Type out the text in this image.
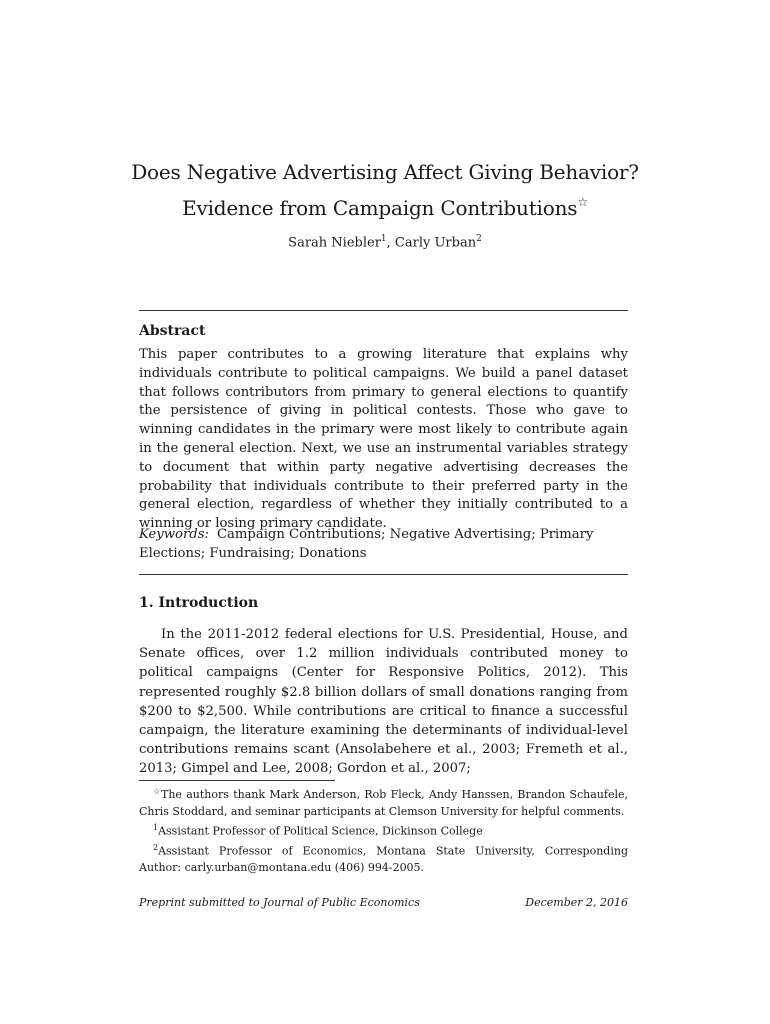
Does Negative Advertising Affect Giving Behavior?
Evidence from Campaign Contributions☆
Sarah Niebler$^1$, Carly Urban$^2$
Abstract
This paper contributes to a growing literature that explains why individuals contribute to political campaigns. We build a panel dataset that follows contributors from primary to general elections to quantify the persistence of giving in political contests. Those who gave to winning candidates in the primary were most likely to contribute again in the general election. Next, we use an instrumental variables strategy to document that within party negative advertising decreases the probability that individuals contribute to their preferred party in the general election, regardless of whether they initially contributed to a winning or losing primary candidate.
Keywords: Campaign Contributions; Negative Advertising; Primary Elections; Fundraising; Donations
1. Introduction
In the 2011-2012 federal elections for U.S. Presidential, House, and Senate offices, over 1.2 million individuals contributed money to political campaigns (Center for Responsive Politics, 2012). This represented roughly $2.8 billion dollars of small donations ranging from $200 to $2,500. While contributions are critical to finance a successful campaign, the literature examining the determinants of individual-level contributions remains scant (Ansolabehere et al., 2003; Fremeth et al., 2013; Gimpel and Lee, 2008; Gordon et al., 2007;

☆The authors thank Mark Anderson, Rob Fleck, Andy Hanssen, Brandon Schaufele, Chris Stoddard, and seminar participants at Clemson University for helpful comments.

$^1$Assistant Professor of Political Science, Dickinson College

$^2$Assistant Professor of Economics, Montana State University, Corresponding Author: carly.urban@montana.edu (406) 994-2005.

Preprint submitted to Journal of Public Economics	December 2, 2016
